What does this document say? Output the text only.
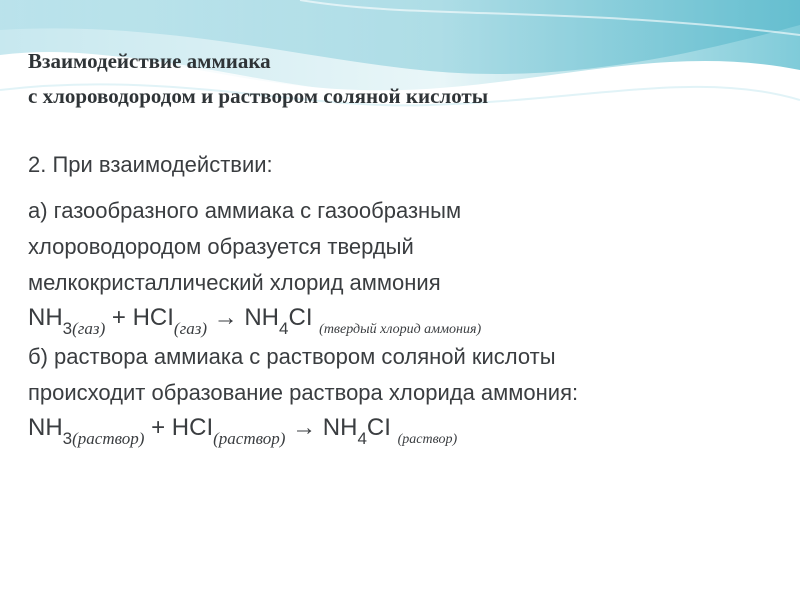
Взаимодействие аммиака
с хлороводородом и раствором соляной кислоты
2. При взаимодействии:
а) газообразного аммиака с газообразным
хлороводородом образуется твердый
мелкокристаллический хлорид аммония
$NH_{3(газ)} + HCI_{(газ)} \to NH_4CI$ $_{(твердый хлорид аммония)}$
б) раствора аммиака с раствором соляной кислоты
происходит образование раствора хлорида аммония:
$NH_{3(раствор)} + HCI_{(раствор)} \to NH_4CI$ $_{(раствор)}$
